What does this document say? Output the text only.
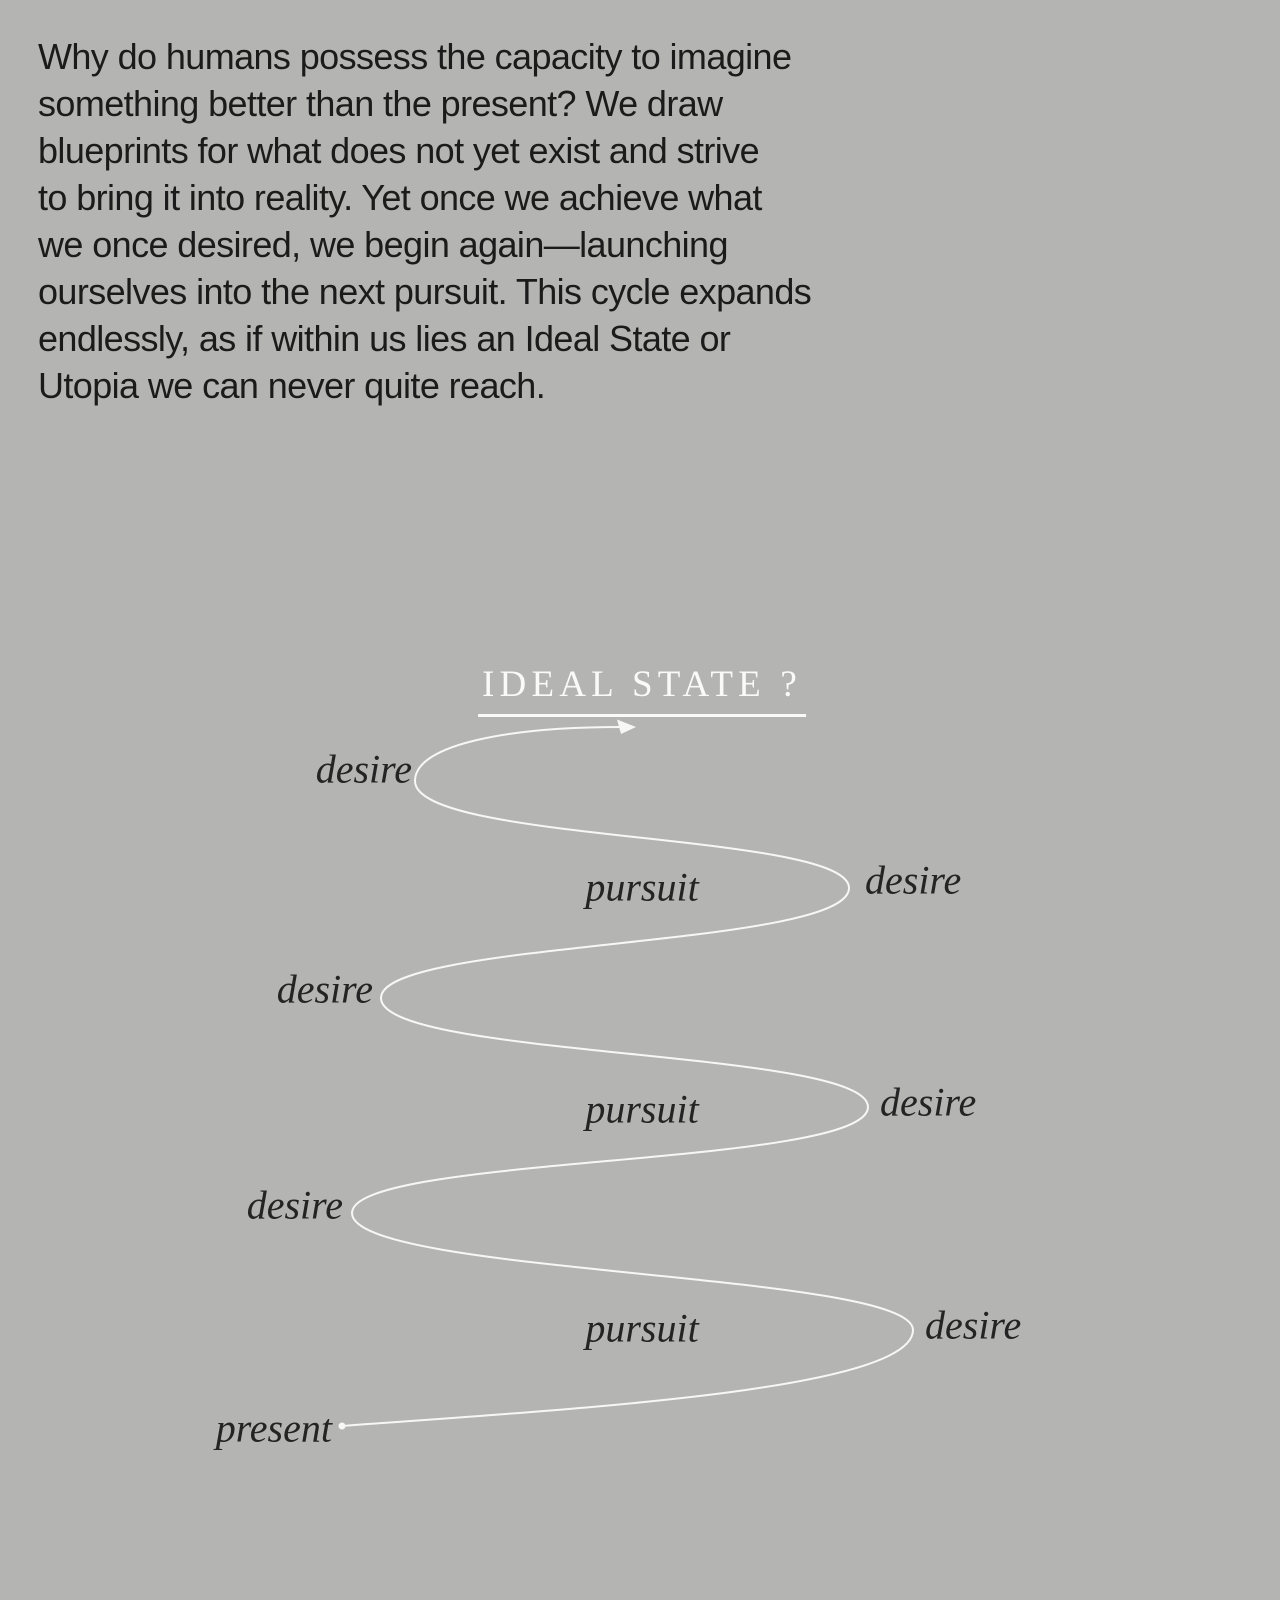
Why do humans possess the capacity to imagine
something better than the present? We draw
blueprints for what does not yet exist and strive
to bring it into reality. Yet once we achieve what
we once desired, we begin again—launching
ourselves into the next pursuit. This cycle expands
endlessly, as if within us lies an Ideal State or
Utopia we can never quite reach.
IDEAL STATE ?
desire
desire
pursuit
desire
desire
pursuit
desire
desire
pursuit
present
